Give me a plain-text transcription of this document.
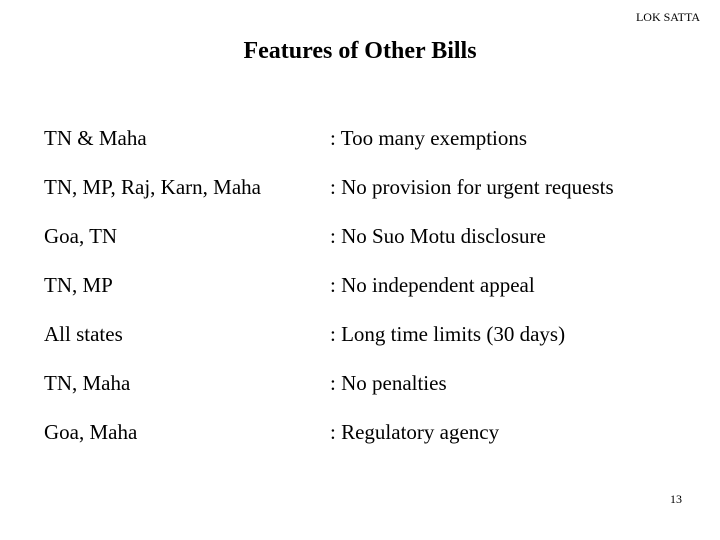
LOK SATTA
Features of Other Bills
TN & Maha	: Too many exemptions
TN, MP, Raj, Karn, Maha	: No provision for urgent requests
Goa, TN	: No Suo Motu disclosure
TN, MP	: No independent appeal
All states	: Long time limits (30 days)
TN, Maha	: No penalties
Goa, Maha	: Regulatory agency
13
